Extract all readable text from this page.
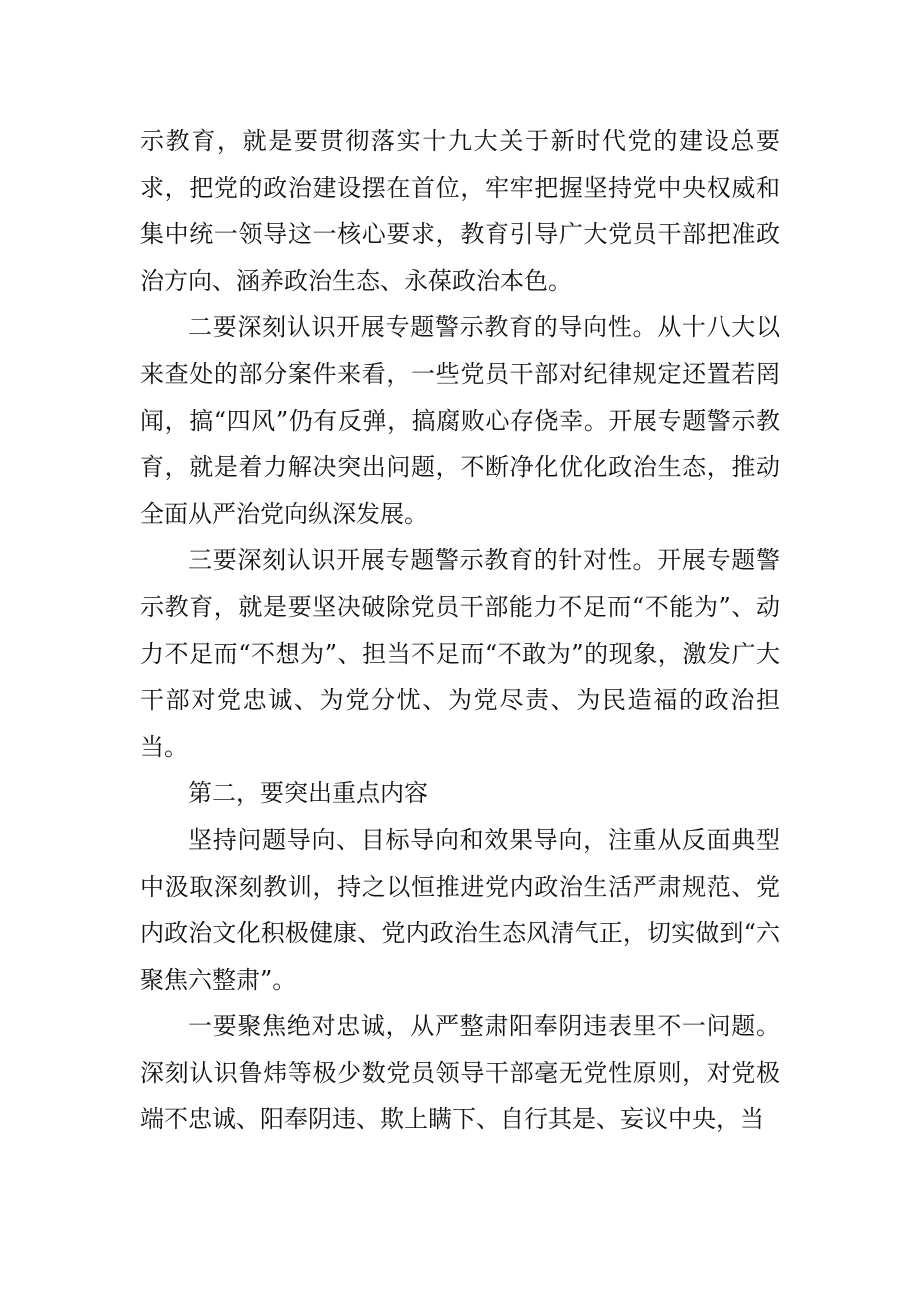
示教育，就是要贯彻落实十九大关于新时代党的建设总要求，把党的政治建设摆在首位，牢牢把握坚持党中央权威和集中统一领导这一核心要求，教育引导广大党员干部把准政治方向、涵养政治生态、永葆政治本色。

二要深刻认识开展专题警示教育的导向性。从十八大以来查处的部分案件来看，一些党员干部对纪律规定还置若罔闻，搞“四风”仍有反弹，搞腐败心存侥幸。开展专题警示教育，就是着力解决突出问题，不断净化优化政治生态，推动全面从严治党向纵深发展。

三要深刻认识开展专题警示教育的针对性。开展专题警示教育，就是要坚决破除党员干部能力不足而“不能为”、动力不足而“不想为”、担当不足而“不敢为”的现象，激发广大干部对党忠诚、为党分忧、为党尽责、为民造福的政治担当。

第二，要突出重点内容

坚持问题导向、目标导向和效果导向，注重从反面典型中汲取深刻教训，持之以恒推进党内政治生活严肃规范、党内政治文化积极健康、党内政治生态风清气正，切实做到“六聚焦六整肃”。

一要聚焦绝对忠诚，从严整肃阳奉阴违表里不一问题。深刻认识鲁炜等极少数党员领导干部毫无党性原则，对党极端不忠诚、阳奉阴违、欺上瞒下、自行其是、妄议中央，当
